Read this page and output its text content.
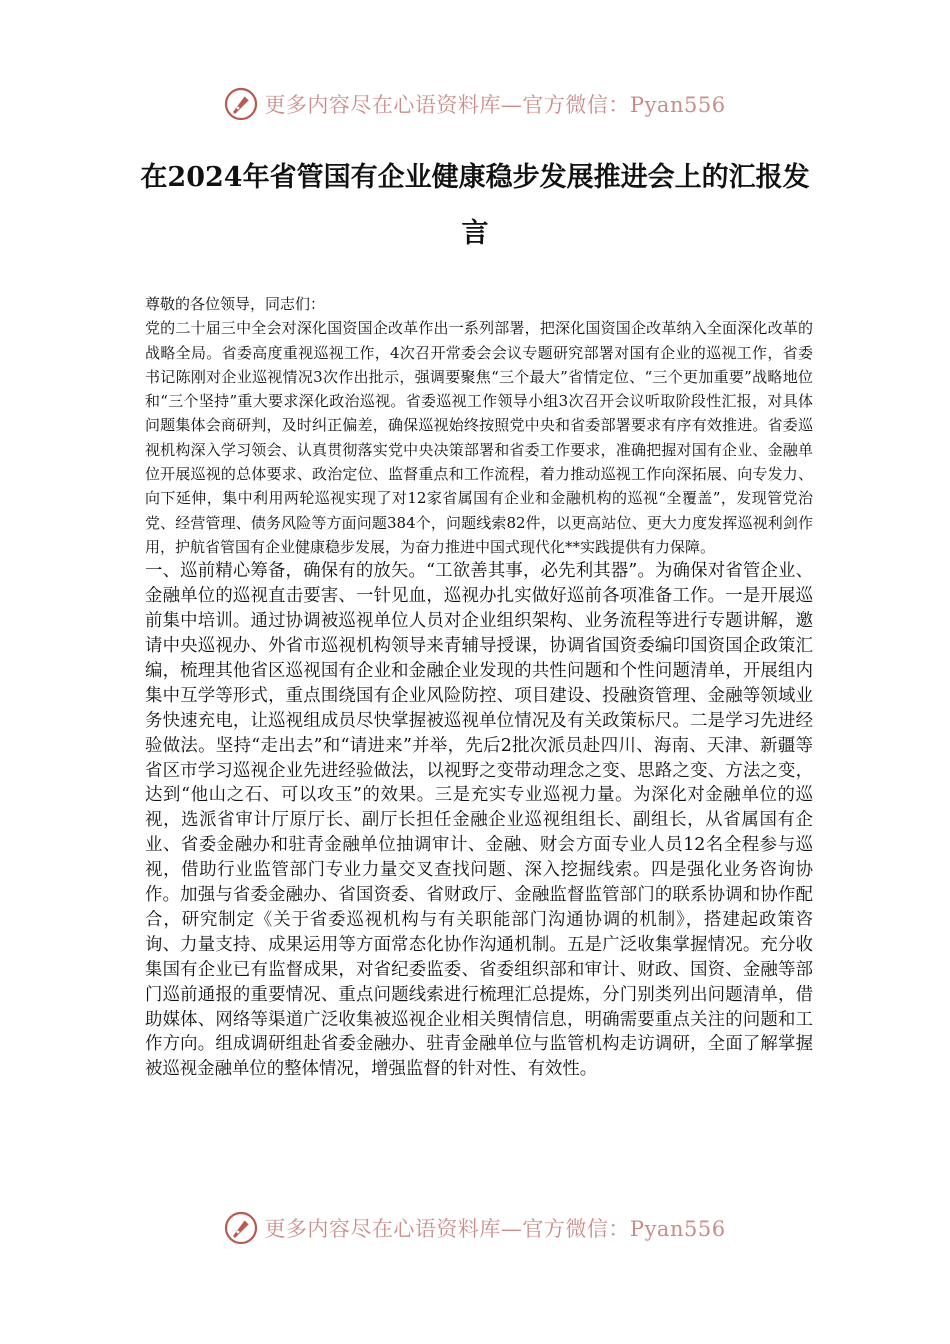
更多内容尽在心语资料库—官方微信：Pyan556
在2024年省管国有企业健康稳步发展推进会上的汇报发言

尊敬的各位领导，同志们：

党的二十届三中全会对深化国资国企改革作出一系列部署，把深化国资国企改革纳入全面深化改革的战略全局。省委高度重视巡视工作，4次召开常委会会议专题研究部署对国有企业的巡视工作，省委书记陈刚对企业巡视情况3次作出批示，强调要聚焦“三个最大”省情定位、“三个更加重要”战略地位和“三个坚持”重大要求深化政治巡视。省委巡视工作领导小组3次召开会议听取阶段性汇报，对具体问题集体会商研判，及时纠正偏差，确保巡视始终按照党中央和省委部署要求有序有效推进。省委巡视机构深入学习领会、认真贯彻落实党中央决策部署和省委工作要求，准确把握对国有企业、金融单位开展巡视的总体要求、政治定位、监督重点和工作流程，着力推动巡视工作向深拓展、向专发力、向下延伸，集中利用两轮巡视实现了对12家省属国有企业和金融机构的巡视“全覆盖”，发现管党治党、经营管理、债务风险等方面问题384个，问题线索82件，以更高站位、更大力度发挥巡视利剑作用，护航省管国有企业健康稳步发展，为奋力推进中国式现代化**实践提供有力保障。

一、巡前精心筹备，确保有的放矢。“工欲善其事，必先利其器”。为确保对省管企业、金融单位的巡视直击要害、一针见血，巡视办扎实做好巡前各项准备工作。一是开展巡前集中培训。通过协调被巡视单位人员对企业组织架构、业务流程等进行专题讲解，邀请中央巡视办、外省市巡视机构领导来青辅导授课，协调省国资委编印国资国企政策汇编，梳理其他省区巡视国有企业和金融企业发现的共性问题和个性问题清单，开展组内集中互学等形式，重点围绕国有企业风险防控、项目建设、投融资管理、金融等领域业务快速充电，让巡视组成员尽快掌握被巡视单位情况及有关政策标尺。二是学习先进经验做法。坚持“走出去”和“请进来”并举，先后2批次派员赴四川、海南、天津、新疆等省区市学习巡视企业先进经验做法，以视野之变带动理念之变、思路之变、方法之变，达到“他山之石、可以攻玉”的效果。三是充实专业巡视力量。为深化对金融单位的巡视，选派省审计厅原厅长、副厅长担任金融企业巡视组组长、副组长，从省属国有企业、省委金融办和驻青金融单位抽调审计、金融、财会方面专业人员12名全程参与巡视，借助行业监管部门专业力量交叉查找问题、深入挖掘线索。四是强化业务咨询协作。加强与省委金融办、省国资委、省财政厅、金融监督监管部门的联系协调和协作配合，研究制定《关于省委巡视机构与有关职能部门沟通协调的机制》，搭建起政策咨询、力量支持、成果运用等方面常态化协作沟通机制。五是广泛收集掌握情况。充分收集国有企业已有监督成果，对省纪委监委、省委组织部和审计、财政、国资、金融等部门巡前通报的重要情况、重点问题线索进行梳理汇总提炼，分门别类列出问题清单，借助媒体、网络等渠道广泛收集被巡视企业相关舆情信息，明确需要重点关注的问题和工作方向。组成调研组赴省委金融办、驻青金融单位与监管机构走访调研，全面了解掌握被巡视金融单位的整体情况，增强监督的针对性、有效性。

更多内容尽在心语资料库—官方微信：Pyan556
